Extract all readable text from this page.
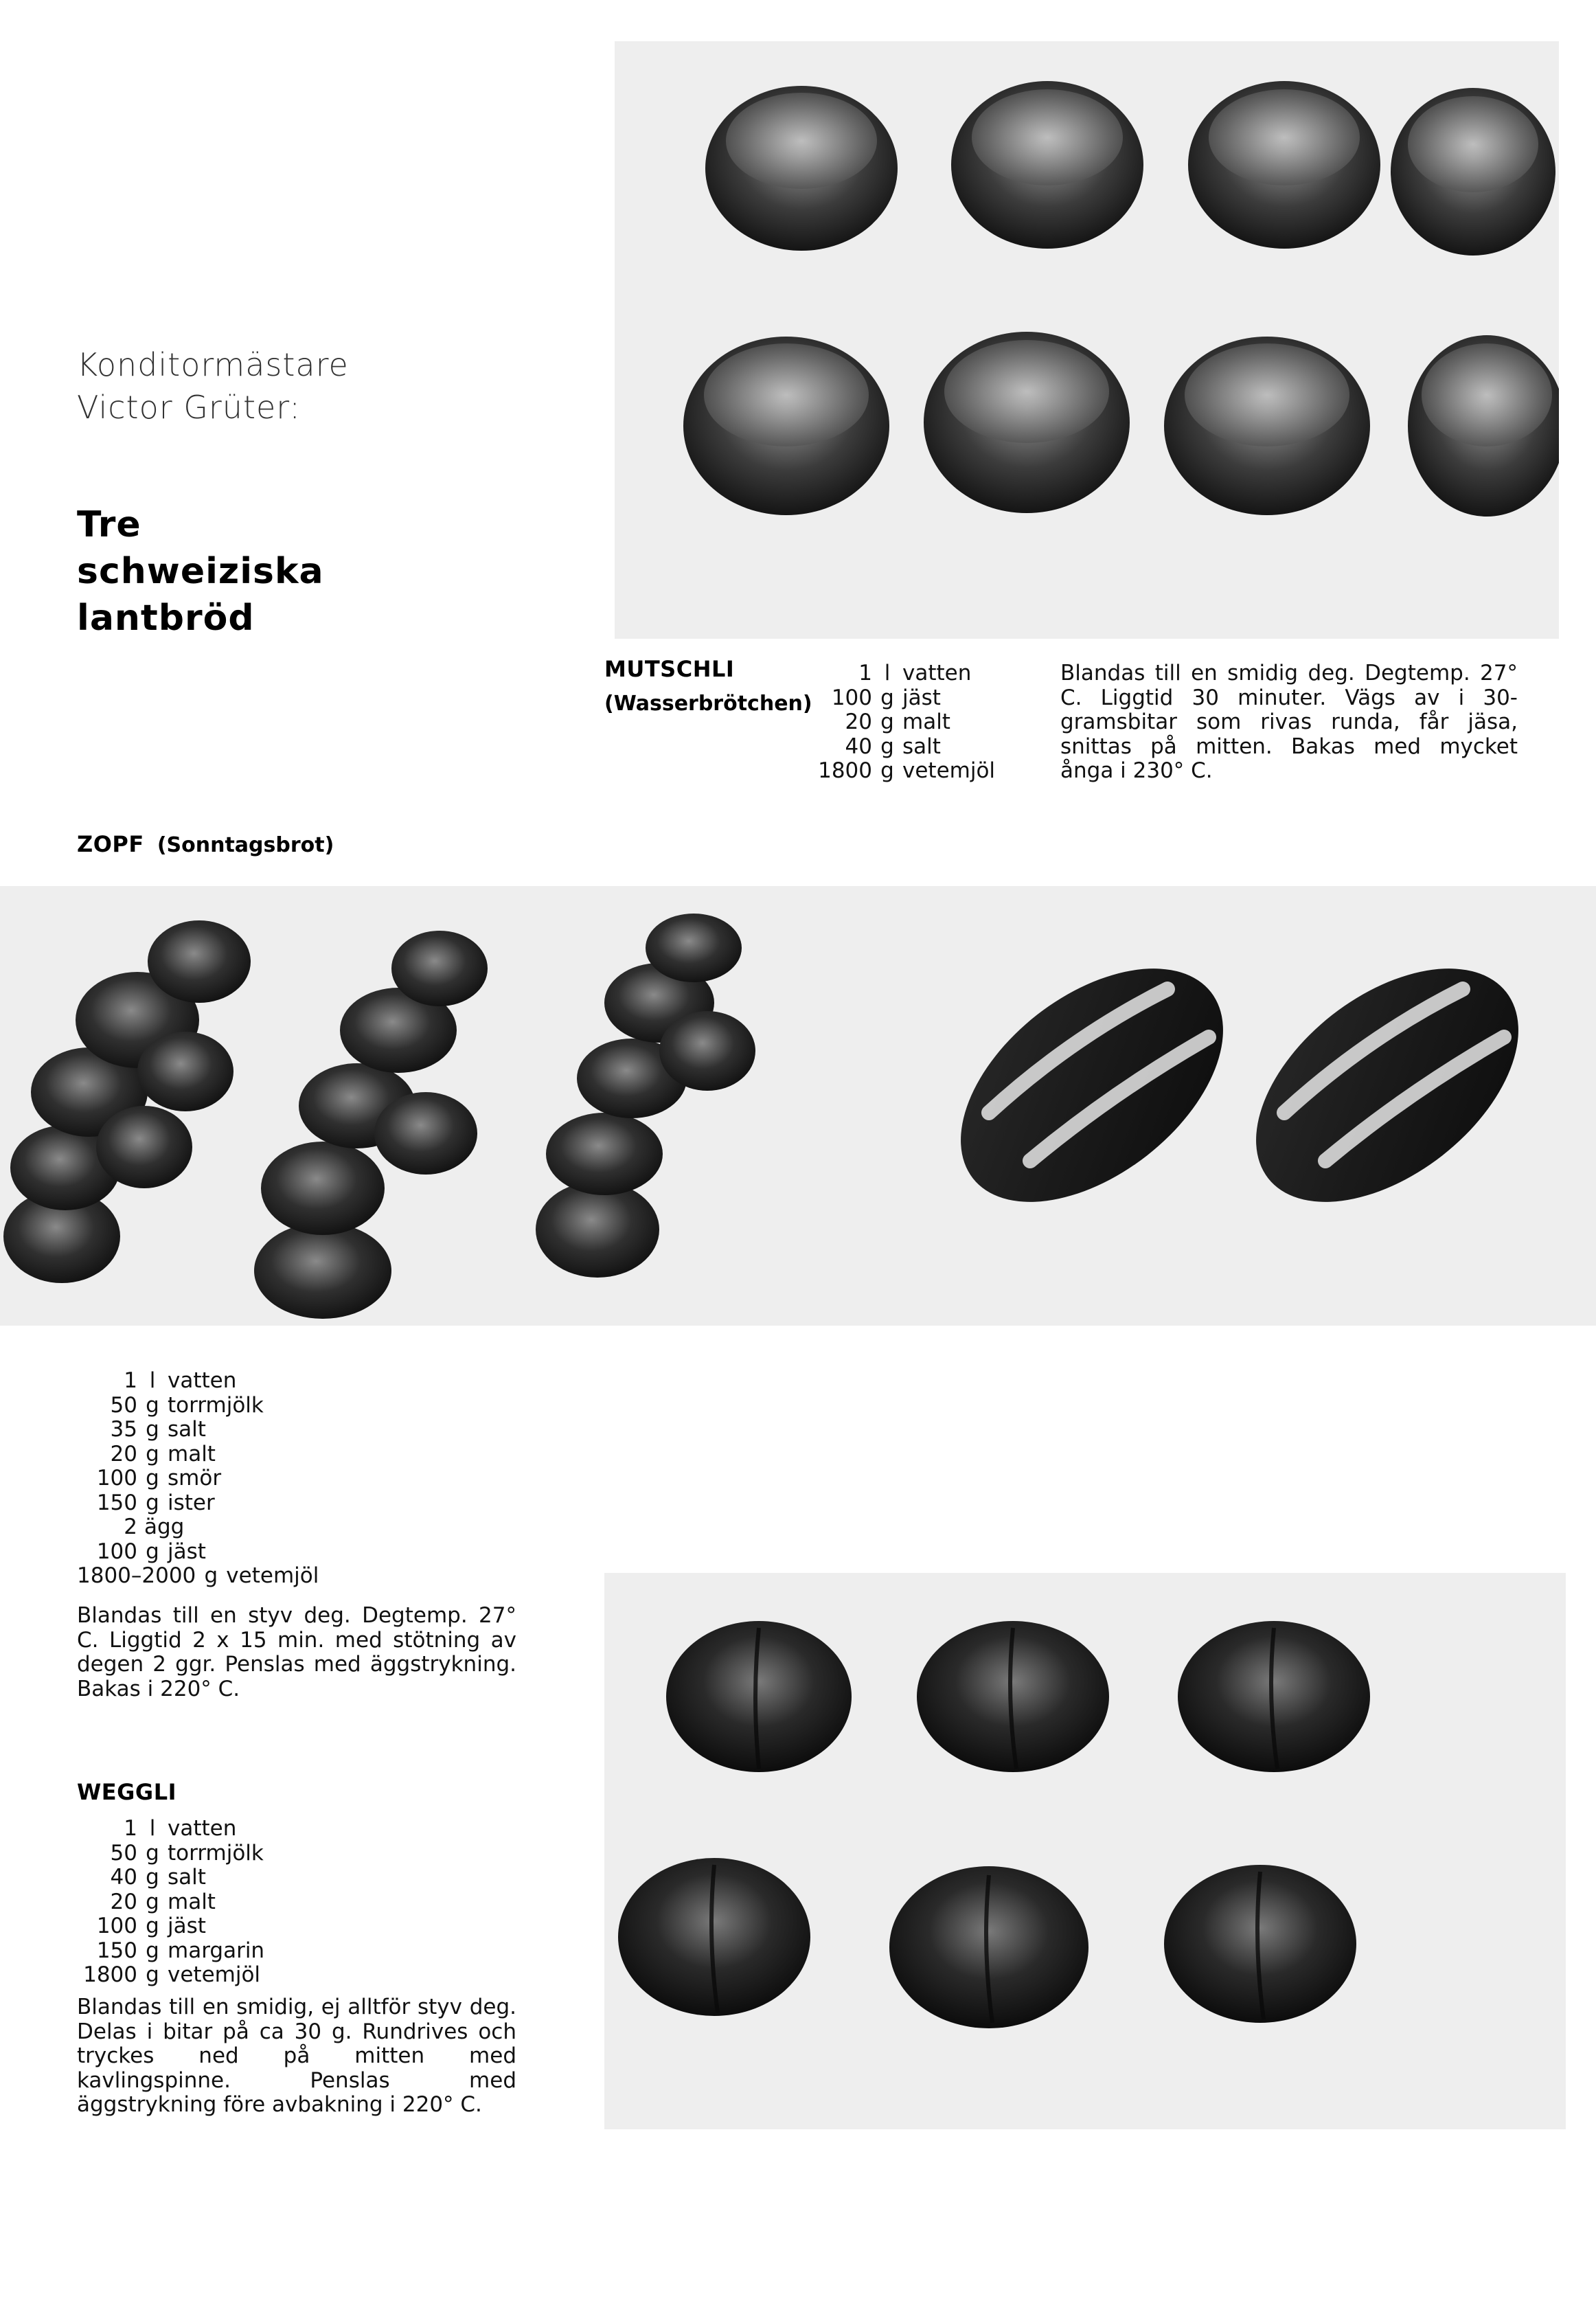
Konditormästare
Victor Grüter:
Tre
schweiziska
lantbröd
MUTSCHLI
(Wasserbrötchen)
1 l vatten
100 g jäst
20 g malt
40 g salt
1800 g vetemjöl
Blandas till en smidig deg. Degtemp. 27° C. Liggtid 30 minuter. Vägs av i 30-gramsbitar som rivas runda, får jäsa, snittas på mitten. Bakas med mycket ånga i 230° C.
ZOPF (Sonntagsbrot)
1 l vatten
50 g torrmjölk
35 g salt
20 g malt
100 g smör
150 g ister
2 ägg
100 g jäst
1800–2000 g vetemjöl
Blandas till en styv deg. Degtemp. 27° C. Liggtid 2 x 15 min. med stötning av degen 2 ggr. Penslas med äggstrykning. Bakas i 220° C.
WEGGLI
1 l vatten
50 g torrmjölk
40 g salt
20 g malt
100 g jäst
150 g margarin
1800 g vetemjöl
Blandas till en smidig, ej alltför styv deg. Delas i bitar på ca 30 g. Rundrives och tryckes ned på mitten med kavlingspinne. Penslas med äggstrykning före avbakning i 220° C.
